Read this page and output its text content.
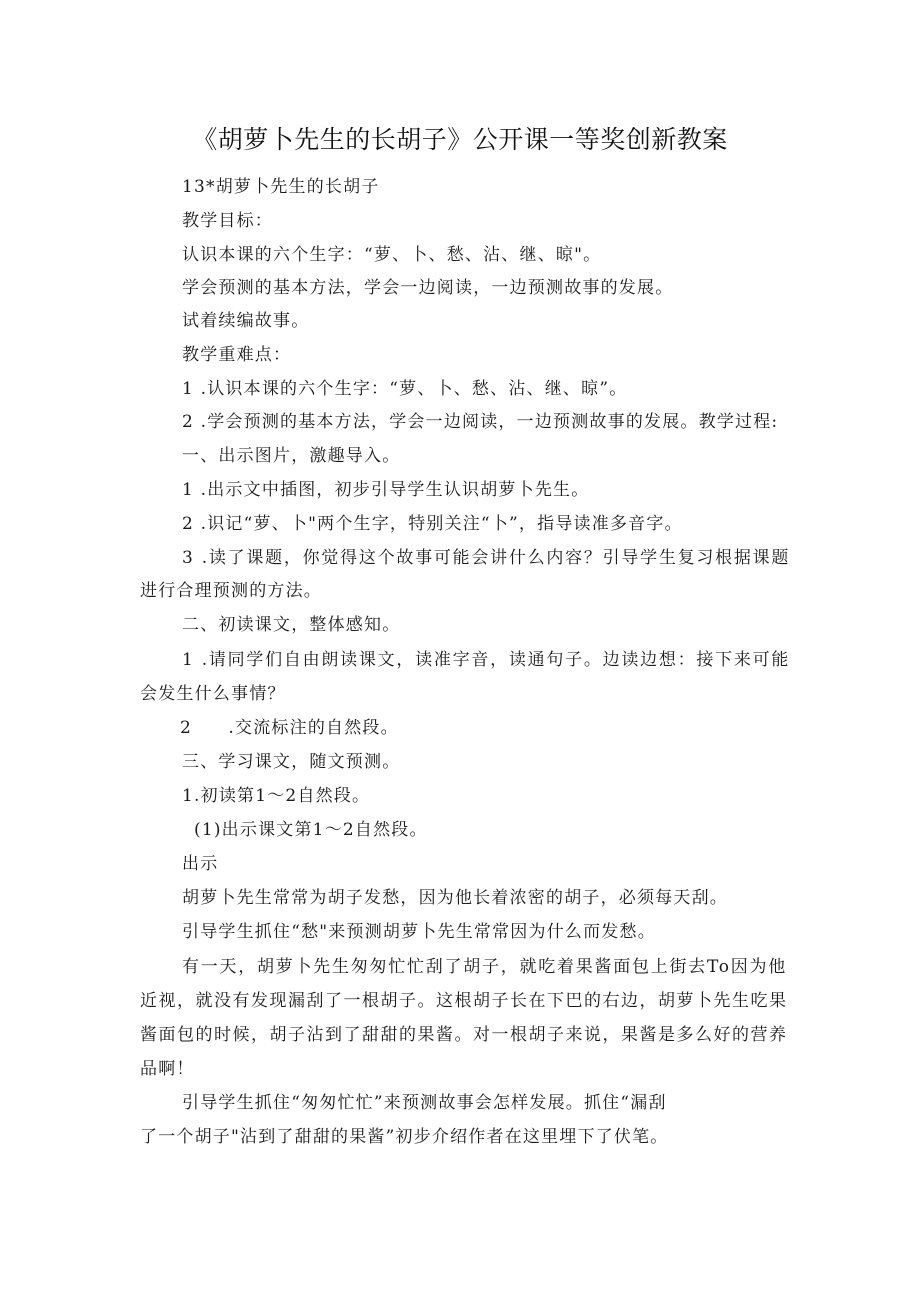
《胡萝卜先生的长胡子》公开课一等奖创新教案
13*胡萝卜先生的长胡子
教学目标：
认识本课的六个生字：“萝、卜、愁、沾、继、晾"。
学会预测的基本方法，学会一边阅读，一边预测故事的发展。
试着续编故事。
教学重难点：
1 .认识本课的六个生字：“萝、卜、愁、沾、继、晾”。
2 .学会预测的基本方法，学会一边阅读，一边预测故事的发展。教学过程:
一、出示图片，激趣导入。
1 .出示文中插图，初步引导学生认识胡萝卜先生。
2 .识记“萝、卜"两个生字，特别关注“卜”，指导读准多音字。
3 .读了课题，你觉得这个故事可能会讲什么内容？引导学生复习根据课题
进行合理预测的方法。
二、初读课文，整体感知。
1 .请同学们自由朗读课文，读准字音，读通句子。边读边想：接下来可能
会发生什么事情？
2　　.交流标注的自然段。
三、学习课文，随文预测。
1.初读第1～2自然段。
(1)出示课文第1～2自然段。
出示
胡萝卜先生常常为胡子发愁，因为他长着浓密的胡子，必须每天刮。
引导学生抓住“愁"来预测胡萝卜先生常常因为什么而发愁。
有一天，胡萝卜先生匆匆忙忙刮了胡子，就吃着果酱面包上街去To因为他
近视，就没有发现漏刮了一根胡子。这根胡子长在下巴的右边，胡萝卜先生吃果
酱面包的时候，胡子沾到了甜甜的果酱。对一根胡子来说，果酱是多么好的营养
品啊！
引导学生抓住“匆匆忙忙”来预测故事会怎样发展。抓住“漏刮
了一个胡子"沾到了甜甜的果酱”初步介绍作者在这里埋下了伏笔。
